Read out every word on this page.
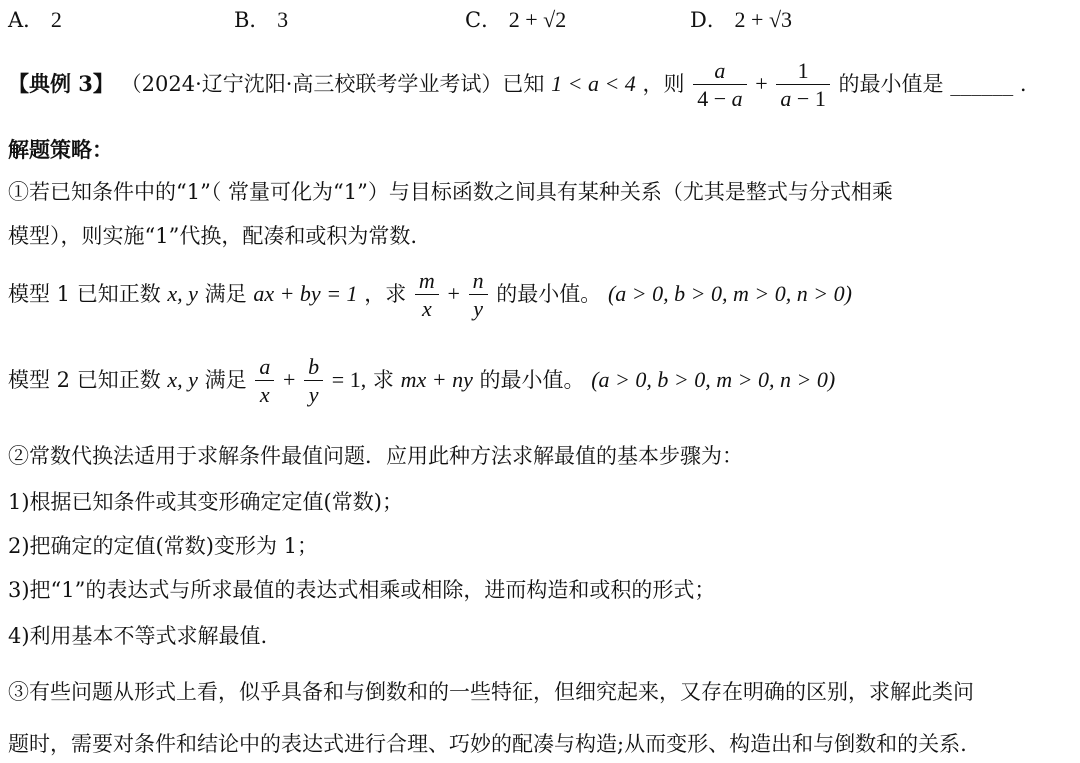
A． 2	B． 3	C． 2 + √2	D． 2 + √3
【典例 3】 （2024·辽宁沈阳·高三校联考学业考试）已知 1 < a < 4 ，则 $\frac{a}{4 - a} + \frac{1}{a - 1}$ 的最小值是 ______ .
解题策略：
①若已知条件中的“1”（ 常量可化为“1”）与目标函数之间具有某种关系（尤其是整式与分式相乘
模型），则实施“1”代换，配凑和或积为常数.
模型 1 已知正数 x, y 满足 ax + by = 1 ，求 $\frac{m}{x} + \frac{n}{y}$ 的最小值。 (a > 0, b > 0, m > 0, n > 0)
模型 2 已知正数 x, y 满足 $\frac{a}{x} + \frac{b}{y} = 1$, 求 mx + ny 的最小值。 (a > 0, b > 0, m > 0, n > 0)
②常数代换法适用于求解条件最值问题．应用此种方法求解最值的基本步骤为：
1)根据已知条件或其变形确定定值(常数)；
2)把确定的定值(常数)变形为 1；
3)把“1”的表达式与所求最值的表达式相乘或相除，进而构造和或积的形式；
4)利用基本不等式求解最值.
③有些问题从形式上看，似乎具备和与倒数和的一些特征，但细究起来，又存在明确的区别，求解此类问
题时，需要对条件和结论中的表达式进行合理、巧妙的配凑与构造;从而变形、构造出和与倒数和的关系.
